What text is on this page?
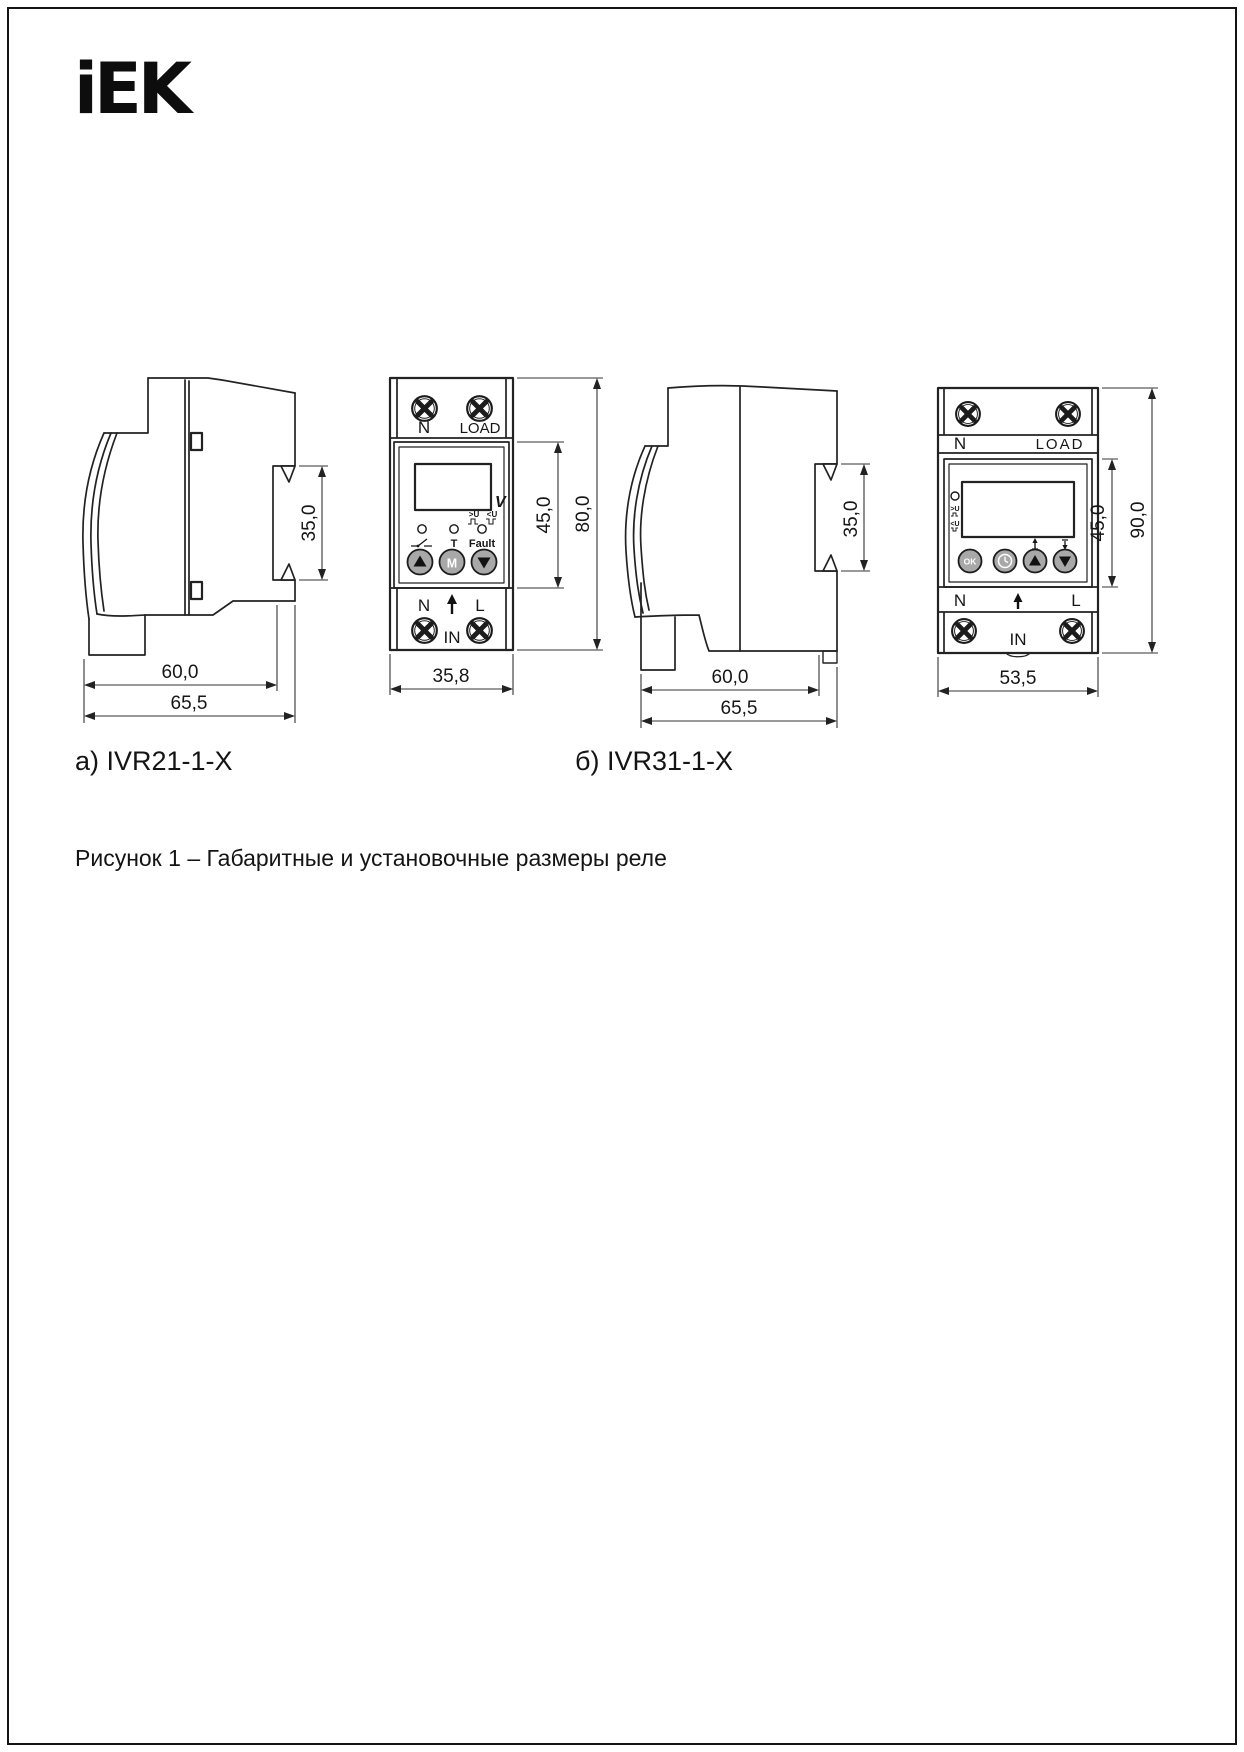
iEK
35,0
60,0
65,5
N LOAD
V
>U <U
T Fault
M
N	L
IN
45,0 80,0
35,8
35,0
60,0
65,5
N	LOAD
>U
<U
OK
N	L
IN
45,0 90,0
53,5
а) IVR21-1-X	б) IVR31-1-X
Рисунок 1 – Габаритные и установочные размеры реле
